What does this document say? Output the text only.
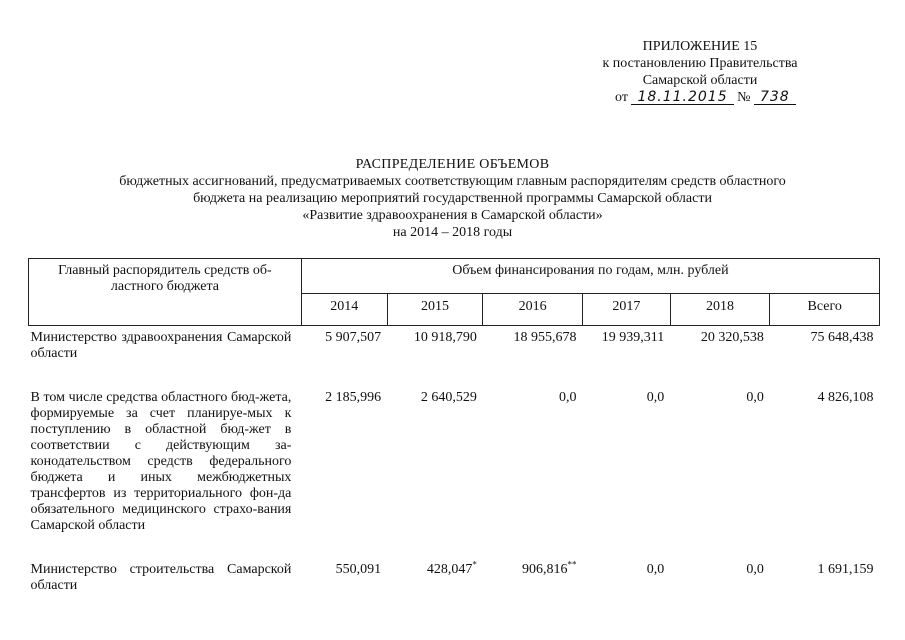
ПРИЛОЖЕНИЕ 15
к постановлению Правительства
Самарской области
от 18.11.2015 № 738
РАСПРЕДЕЛЕНИЕ ОБЪЕМОВ
бюджетных ассигнований, предусматриваемых соответствующим главным распорядителям средств областного
бюджета на реализацию мероприятий государственной программы Самарской области
«Развитие здравоохранения в Самарской области»
на 2014 – 2018 годы
Главный распорядитель средств об-ластного бюджета	Объем финансирования по годам, млн. рублей					
	2014	2015	2016	2017	2018	Всего
Министерство здравоохранения Самарской области	5 907,507	10 918,790	18 955,678	19 939,311	20 320,538	75 648,438
В том числе средства областного бюд-жета, формируемые за счет планируе-мых к поступлению в областной бюд-жет в соответствии с действующим за-конодательством средств федерального бюджета и иных межбюджетных трансфертов из территориального фон-да обязательного медицинского страхо-вания Самарской области	2 185,996	2 640,529	0,0	0,0	0,0	4 826,108
Министерство строительства Самарской области	550,091	428,047*	906,816**	0,0	0,0	1 691,159
